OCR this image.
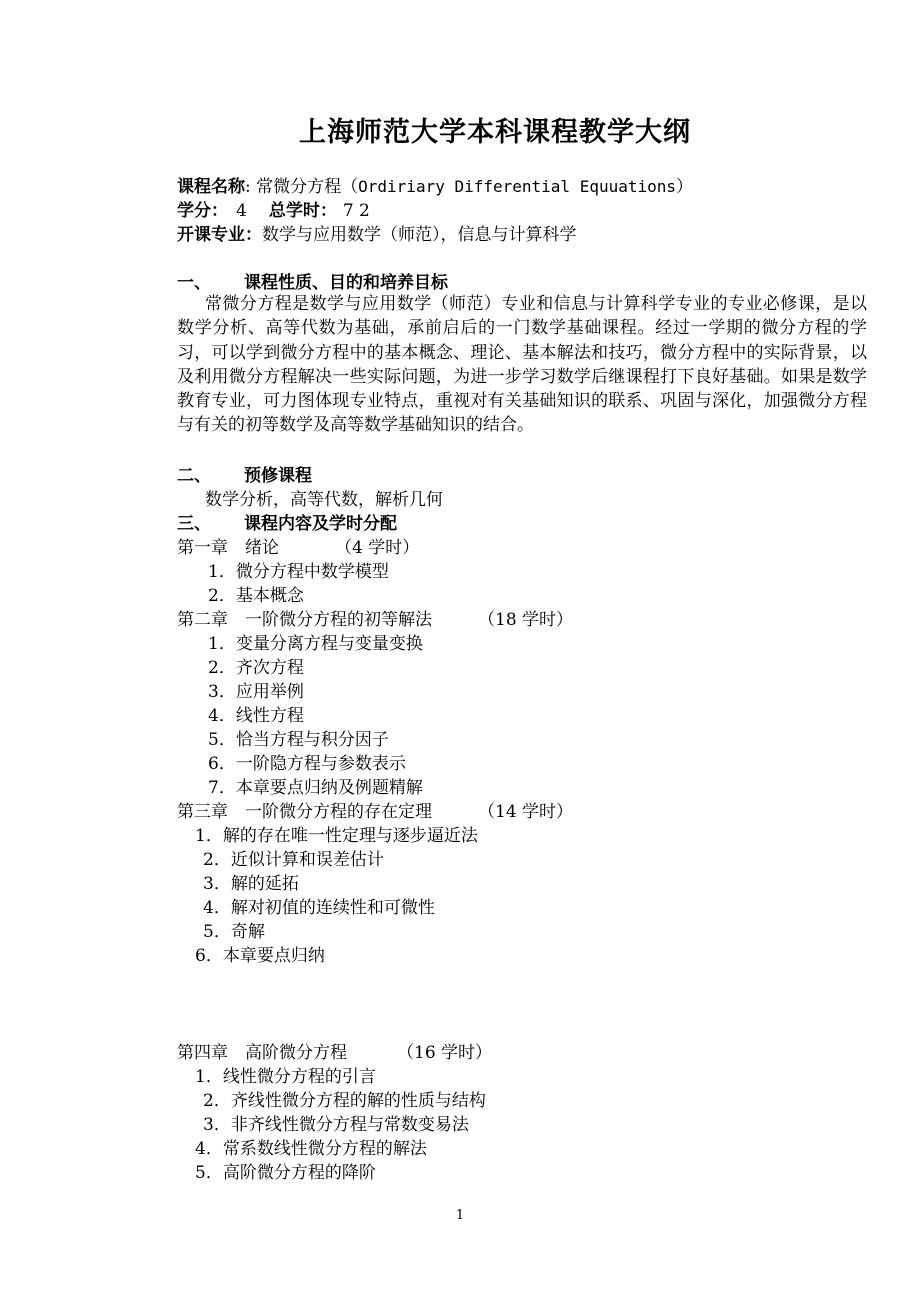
上海师范大学本科课程教学大纲
课程名称: 常微分方程（Ordiriary Differential Equuations）
学分： 4 总学时： 7 2
开课专业：数学与应用数学（师范），信息与计算科学
一、 课程性质、目的和培养目标

常微分方程是数学与应用数学（师范）专业和信息与计算科学专业的专业必修课，是以数学分析、高等代数为基础，承前启后的一门数学基础课程。经过一学期的微分方程的学习，可以学到微分方程中的基本概念、理论、基本解法和技巧，微分方程中的实际背景，以及利用微分方程解决一些实际问题，为进一步学习数学后继课程打下良好基础。如果是数学教育专业，可力图体现专业特点，重视对有关基础知识的联系、巩固与深化，加强微分方程与有关的初等数学及高等数学基础知识的结合。

二、 预修课程
数学分析，高等代数，解析几何
三、 课程内容及学时分配
第一章　绪论	（4 学时）
1．微分方程中数学模型
2．基本概念
第二章　一阶微分方程的初等解法	（18 学时）
1．变量分离方程与变量变换
2．齐次方程
3．应用举例
4．线性方程
5．恰当方程与积分因子
6．一阶隐方程与参数表示
7．本章要点归纳及例题精解
第三章　一阶微分方程的存在定理	（14 学时）
1．解的存在唯一性定理与逐步逼近法
2．近似计算和误差估计
3．解的延拓
4．解对初值的连续性和可微性
5．奇解
6．本章要点归纳
第四章　高阶微分方程	（16 学时）
1．线性微分方程的引言
2．齐线性微分方程的解的性质与结构
3．非齐线性微分方程与常数变易法
4．常系数线性微分方程的解法
5．高阶微分方程的降阶
1
